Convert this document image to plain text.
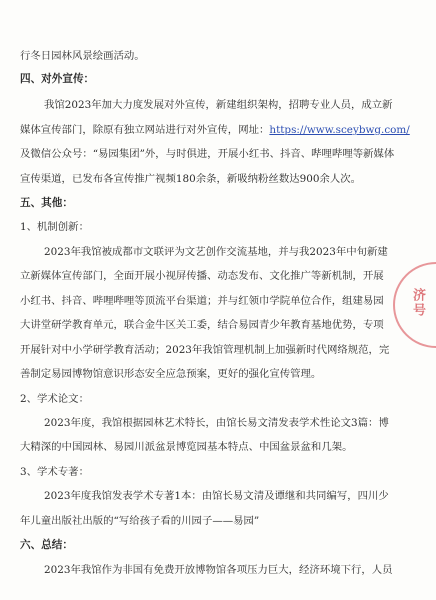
行冬日园林风景绘画活动。
四、对外宣传：
我馆2023年加大力度发展对外宣传，新建组织架构，招聘专业人员，成立新
媒体宣传部门，除原有独立网站进行对外宣传，网址：https://www.sceybwg.com/
及微信公众号：“易园集团”外，与时俱进，开展小红书、抖音、哔哩哔哩等新媒体
宣传渠道，已发布各宣传推广视频180余条，新吸纳粉丝数达900余人次。
五、其他：
1、机制创新：
2023年我馆被成都市文联评为文艺创作交流基地，并与我2023年中旬新建
立新媒体宣传部门，全面开展小视屏传播、动态发布、文化推广等新机制，开展
小红书、抖音、哔哩哔哩等顶流平台渠道；并与红领巾学院单位合作，组建易园
大讲堂研学教育单元，联合金牛区关工委，结合易园青少年教育基地优势，专项
开展针对中小学研学教育活动；2023年我馆管理机制上加强新时代网络规范，完
善制定易园博物馆意识形态安全应急预案，更好的强化宣传管理。
2、学术论文：
2023年度，我馆根据园林艺术特长，由馆长易文清发表学术性论文3篇：博
大精深的中国园林、易园川派盆景博览园基本特点、中国盆景盆和几架。
3、学术专著：
2023年度我馆发表学术专著1本：由馆长易文清及谭继和共同编写，四川少
年儿童出版社出版的“写给孩子看的川园子——易园”
六、总结：
2023年我馆作为非国有免费开放博物馆各项压力巨大，经济环境下行，人员
济号
